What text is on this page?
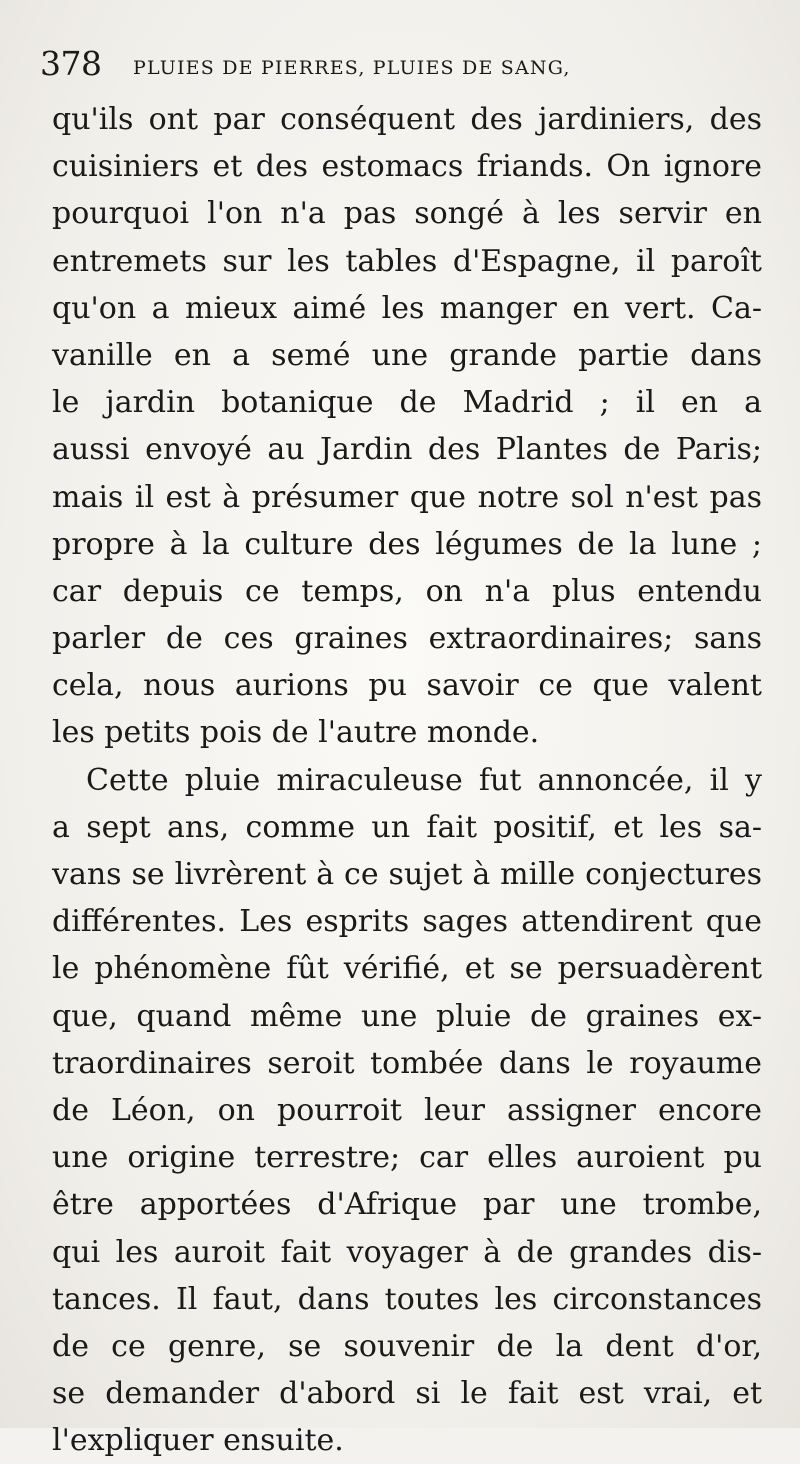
378 PLUIES DE PIERRES, PLUIES DE SANG,
qu'ils ont par conséquent des jardiniers, des
cuisiniers et des estomacs friands. On ignore
pourquoi l'on n'a pas songé à les servir en
entremets sur les tables d'Espagne, il paroît
qu'on a mieux aimé les manger en vert. Ca-
vanille en a semé une grande partie dans
le jardin botanique de Madrid ; il en a
aussi envoyé au Jardin des Plantes de Paris;
mais il est à présumer que notre sol n'est pas
propre à la culture des légumes de la lune ;
car depuis ce temps, on n'a plus entendu
parler de ces graines extraordinaires; sans
cela, nous aurions pu savoir ce que valent
les petits pois de l'autre monde.
Cette pluie miraculeuse fut annoncée, il y
a sept ans, comme un fait positif, et les sa-
vans se livrèrent à ce sujet à mille conjectures
différentes. Les esprits sages attendirent que
le phénomène fût vérifié, et se persuadèrent
que, quand même une pluie de graines ex-
traordinaires seroit tombée dans le royaume
de Léon, on pourroit leur assigner encore
une origine terrestre; car elles auroient pu
être apportées d'Afrique par une trombe,
qui les auroit fait voyager à de grandes dis-
tances. Il faut, dans toutes les circonstances
de ce genre, se souvenir de la dent d'or,
se demander d'abord si le fait est vrai, et
l'expliquer ensuite.
